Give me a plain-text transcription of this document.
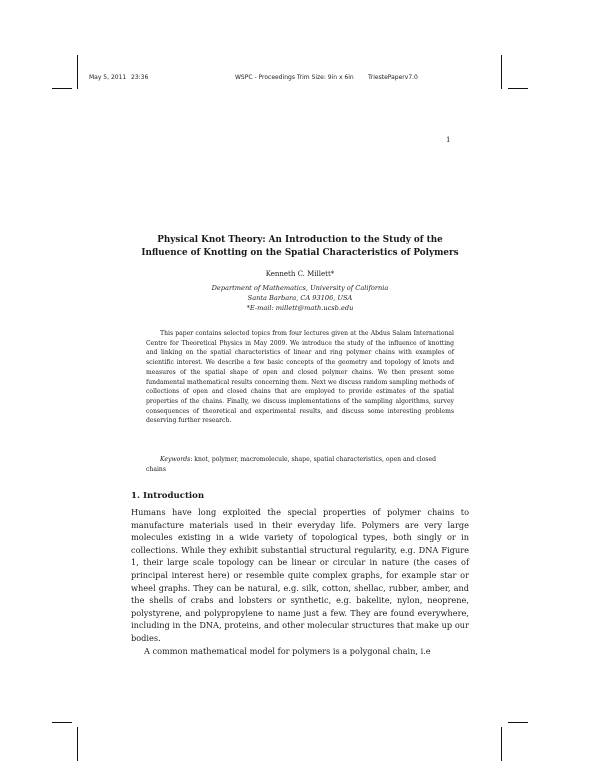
May 5, 2011 23:36	WSPC - Proceedings Trim Size: 9in x 6in TriestePaperv7.0
1
Physical Knot Theory: An Introduction to the Study of the
Influence of Knotting on the Spatial Characteristics of Polymers
Kenneth C. Millett*
Department of Mathematics, University of California
Santa Barbara, CA 93106, USA
*E-mail: millett@math.ucsb.edu

This paper contains selected topics from four lectures given at the Abdus Salam International Centre for Theoretical Physics in May 2009. We introduce the study of the influence of knotting and linking on the spatial characteristics of linear and ring polymer chains with examples of scientific interest. We describe a few basic concepts of the geometry and topology of knots and measures of the spatial shape of open and closed polymer chains. We then present some fundamental mathematical results concerning them. Next we discuss random sampling methods of collections of open and closed chains that are employed to provide estimates of the spatial properties of the chains. Finally, we discuss implementations of the sampling algorithms, survey consequences of theoretical and experimental results, and discuss some interesting problems deserving further research.

Keywords: knot, polymer, macromolecule, shape, spatial characteristics, open and closed chains

1. Introduction

Humans have long exploited the special properties of polymer chains to manufacture materials used in their everyday life. Polymers are very large molecules existing in a wide variety of topological types, both singly or in collections. While they exhibit substantial structural regularity, e.g. DNA Figure 1, their large scale topology can be linear or circular in nature (the cases of principal interest here) or resemble quite complex graphs, for example star or wheel graphs. They can be natural, e.g. silk, cotton, shellac, rubber, amber, and the shells of crabs and lobsters or synthetic, e.g. bakelite, nylon, neoprene, polystyrene, and polypropylene to name just a few. They are found everywhere, including in the DNA, proteins, and other molecular structures that make up our bodies.

A common mathematical model for polymers is a polygonal chain, i.e
